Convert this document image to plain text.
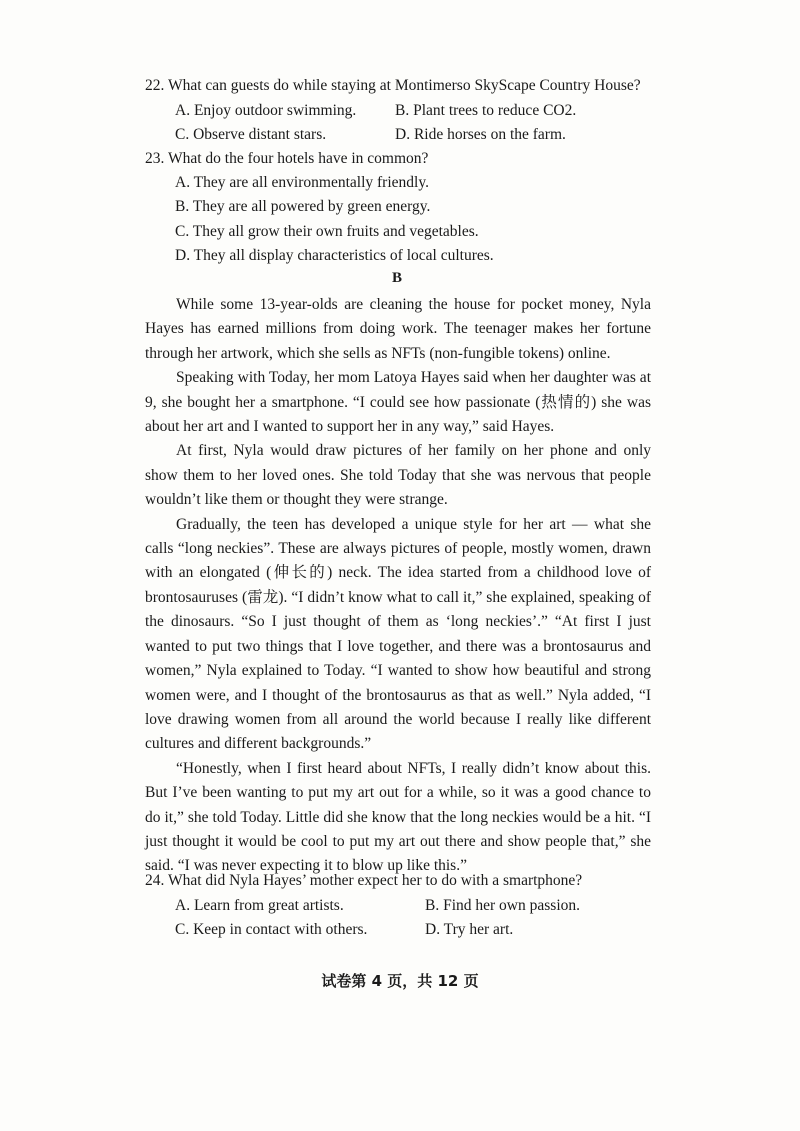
22. What can guests do while staying at Montimerso SkyScape Country House?
A. Enjoy outdoor swimming. B. Plant trees to reduce CO2.
C. Observe distant stars.	D. Ride horses on the farm.
23. What do the four hotels have in common?
A. They are all environmentally friendly.
B. They are all powered by green energy.
C. They all grow their own fruits and vegetables.
D. They all display characteristics of local cultures.
B

While some 13-year-olds are cleaning the house for pocket money, Nyla Hayes has earned millions from doing work. The teenager makes her fortune through her artwork, which she sells as NFTs (non-fungible tokens) online.

Speaking with Today, her mom Latoya Hayes said when her daughter was at 9, she bought her a smartphone. “I could see how passionate (热情的) she was about her art and I wanted to support her in any way,” said Hayes.

At first, Nyla would draw pictures of her family on her phone and only show them to her loved ones. She told Today that she was nervous that people wouldn’t like them or thought they were strange.

Gradually, the teen has developed a unique style for her art — what she calls “long neckies”. These are always pictures of people, mostly women, drawn with an elongated (伸长的) neck. The idea started from a childhood love of brontosauruses (雷龙). “I didn’t know what to call it,” she explained, speaking of the dinosaurs. “So I just thought of them as ‘long neckies’.” “At first I just wanted to put two things that I love together, and there was a brontosaurus and women,” Nyla explained to Today. “I wanted to show how beautiful and strong women were, and I thought of the brontosaurus as that as well.” Nyla added, “I love drawing women from all around the world because I really like different cultures and different backgrounds.”

“Honestly, when I first heard about NFTs, I really didn’t know about this. But I’ve been wanting to put my art out for a while, so it was a good chance to do it,” she told Today. Little did she know that the long neckies would be a hit. “I just thought it would be cool to put my art out there and show people that,” she said. “I was never expecting it to blow up like this.”

24. What did Nyla Hayes’ mother expect her to do with a smartphone?
A. Learn from great artists.	B. Find her own passion.
C. Keep in contact with others.	D. Try her art.
试卷第 4 页，共 12 页
